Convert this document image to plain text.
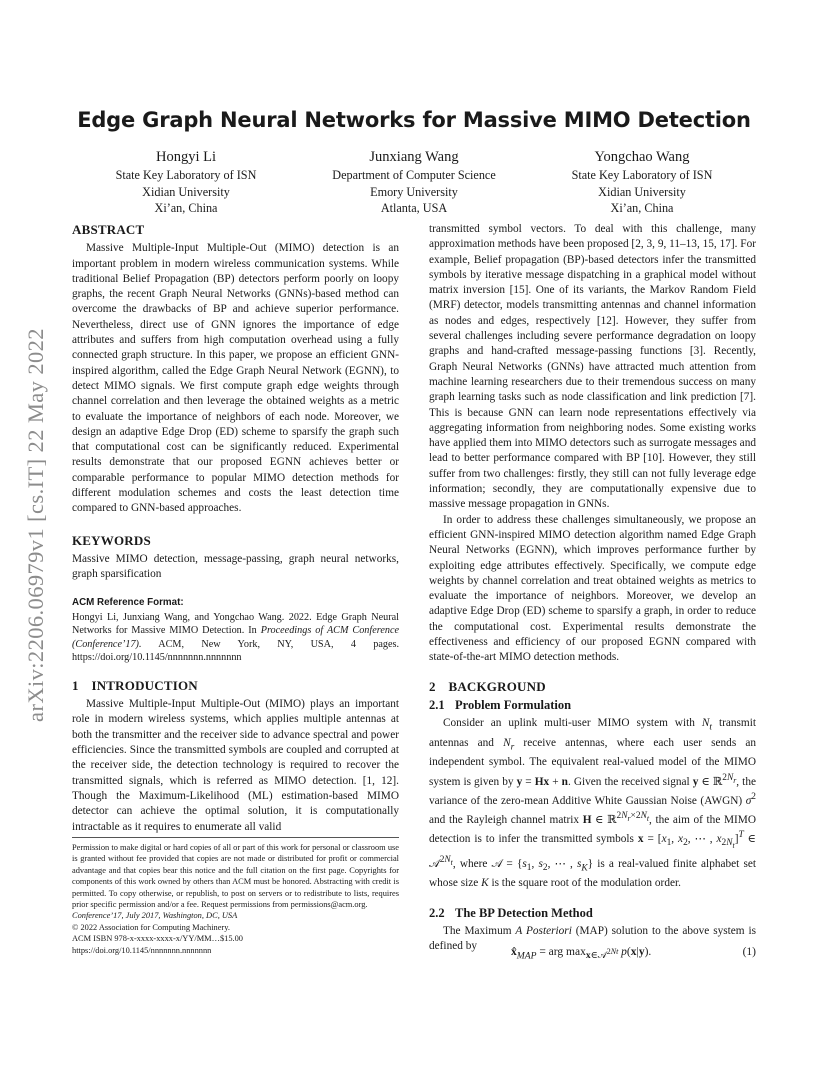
arXiv:2206.06979v1 [cs.IT] 22 May 2022
Edge Graph Neural Networks for Massive MIMO Detection
Hongyi Li
State Key Laboratory of ISN
Xidian University
Xi’an, China
Junxiang Wang
Department of Computer Science
Emory University
Atlanta, USA
Yongchao Wang
State Key Laboratory of ISN
Xidian University
Xi’an, China
ABSTRACT

Massive Multiple-Input Multiple-Out (MIMO) detection is an important problem in modern wireless communication systems. While traditional Belief Propagation (BP) detectors perform poorly on loopy graphs, the recent Graph Neural Networks (GNNs)-based method can overcome the drawbacks of BP and achieve superior performance. Nevertheless, direct use of GNN ignores the importance of edge attributes and suffers from high computation overhead using a fully connected graph structure. In this paper, we propose an efficient GNN-inspired algorithm, called the Edge Graph Neural Network (EGNN), to detect MIMO signals. We first compute graph edge weights through channel correlation and then leverage the obtained weights as a metric to evaluate the importance of neighbors of each node. Moreover, we design an adaptive Edge Drop (ED) scheme to sparsify the graph such that computational cost can be significantly reduced. Experimental results demonstrate that our proposed EGNN achieves better or comparable performance to popular MIMO detection methods for different modulation schemes and costs the least detection time compared to GNN-based approaches.

KEYWORDS

Massive MIMO detection, message-passing, graph neural networks, graph sparsification

ACM Reference Format:

Hongyi Li, Junxiang Wang, and Yongchao Wang. 2022. Edge Graph Neural Networks for Massive MIMO Detection. In Proceedings of ACM Conference (Conference’17). ACM, New York, NY, USA, 4 pages. https://doi.org/10.1145/nnnnnnn.nnnnnnn

1 INTRODUCTION

Massive Multiple-Input Multiple-Out (MIMO) plays an important role in modern wireless systems, which applies multiple antennas at both the transmitter and the receiver side to advance spectral and power efficiencies. Since the transmitted symbols are coupled and corrupted at the receiver side, the detection technology is required to recover the transmitted signals, which is referred as MIMO detection. [1, 12]. Though the Maximum-Likelihood (ML) estimation-based MIMO detector can achieve the optimal solution, it is computationally intractable as it requires to enumerate all valid

Permission to make digital or hard copies of all or part of this work for personal or classroom use is granted without fee provided that copies are not made or distributed for profit or commercial advantage and that copies bear this notice and the full citation on the first page. Copyrights for components of this work owned by others than ACM must be honored. Abstracting with credit is permitted. To copy otherwise, or republish, to post on servers or to redistribute to lists, requires prior specific permission and/or a fee. Request permissions from permissions@acm.org.

Conference’17, July 2017, Washington, DC, USA
© 2022 Association for Computing Machinery.
ACM ISBN 978-x-xxxx-xxxx-x/YY/MM…$15.00
https://doi.org/10.1145/nnnnnnn.nnnnnnn

transmitted symbol vectors. To deal with this challenge, many approximation methods have been proposed [2, 3, 9, 11–13, 15, 17]. For example, Belief propagation (BP)-based detectors infer the transmitted symbols by iterative message dispatching in a graphical model without matrix inversion [15]. One of its variants, the Markov Random Field (MRF) detector, models transmitting antennas and channel information as nodes and edges, respectively [12]. However, they suffer from several challenges including severe performance degradation on loopy graphs and hand-crafted message-passing functions [3]. Recently, Graph Neural Networks (GNNs) have attracted much attention from machine learning researchers due to their tremendous success on many graph learning tasks such as node classification and link prediction [7]. This is because GNN can learn node representations effectively via aggregating information from neighboring nodes. Some existing works have applied them into MIMO detectors such as surrogate messages and lead to better performance compared with BP [10]. However, they still suffer from two challenges: firstly, they still can not fully leverage edge information; secondly, they are computationally expensive due to massive message propagation in GNNs.

In order to address these challenges simultaneously, we propose an efficient GNN-inspired MIMO detection algorithm named Edge Graph Neural Networks (EGNN), which improves performance further by exploiting edge attributes effectively. Specifically, we compute edge weights by channel correlation and treat obtained weights as metrics to evaluate the importance of neighbors. Moreover, we develop an adaptive Edge Drop (ED) scheme to sparsify a graph, in order to reduce the computational cost. Experimental results demonstrate the effectiveness and efficiency of our proposed EGNN compared with state-of-the-art MIMO detection methods.

2 BACKGROUND
2.1 Problem Formulation

Consider an uplink multi-user MIMO system with $N_t$ transmit antennas and $N_r$ receive antennas, where each user sends an independent symbol. The equivalent real-valued model of the MIMO system is given by y = Hx + n. Given the received signal y ∈ ℝ$^{2N_r}$, the variance of the zero-mean Additive White Gaussian Noise (AWGN) $\sigma^2$ and the Rayleigh channel matrix H ∈ ℝ$^{2N_r\times 2N_t}$, the aim of the MIMO detection is to infer the transmitted symbols $x = [x_1$, $x_2$, ⋯ , $x_{2N_t}]^T$ ∈ 𝒜$^{2N_t}$, where 𝒜 = {$s_1$, $s_2$, ⋯ , $s_K$} is a real-valued finite alphabet set whose size K is the square root of the modulation order.

2.2 The BP Detection Method

The Maximum A Posteriori (MAP) solution to the above system is defined by	$x̂_{MAP}$ = arg $\max_{x\in 𝒜^{2Nt}} p(x|y)$.	(1)
